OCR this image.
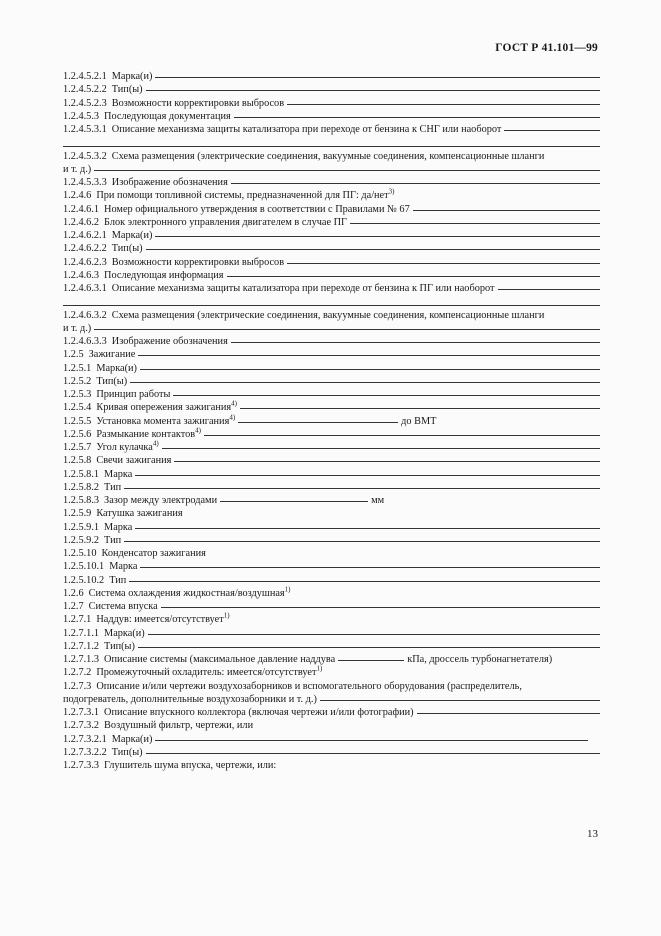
ГОСТ Р 41.101—99
1.2.4.5.2.1 Марка(и)
1.2.4.5.2.2 Тип(ы)
1.2.4.5.2.3 Возможности корректировки выбросов
1.2.4.5.3 Последующая документация
1.2.4.5.3.1 Описание механизма защиты катализатора при переходе от бензина к СНГ или наоборот
1.2.4.5.3.2 Схема размещения (электрические соединения, вакуумные соединения, компенсационные шланги
и т. д.)
1.2.4.5.3.3 Изображение обозначения
1.2.4.6 При помощи топливной системы, предназначенной для ПГ: да/нет$^{3)}$
1.2.4.6.1 Номер официального утверждения в соответствии с Правилами № 67
1.2.4.6.2 Блок электронного управления двигателем в случае ПГ
1.2.4.6.2.1 Марка(и)
1.2.4.6.2.2 Тип(ы)
1.2.4.6.2.3 Возможности корректировки выбросов
1.2.4.6.3 Последующая информация
1.2.4.6.3.1 Описание механизма защиты катализатора при переходе от бензина к ПГ или наоборот
1.2.4.6.3.2 Схема размещения (электрические соединения, вакуумные соединения, компенсационные шланги
и т. д.)
1.2.4.6.3.3 Изображение обозначения
1.2.5 Зажигание
1.2.5.1 Марка(и)
1.2.5.2 Тип(ы)
1.2.5.3 Принцип работы
1.2.5.4 Кривая опережения зажигания$^{4)}$
1.2.5.5 Установка момента зажигания$^{4)}$	до ВМТ
1.2.5.6 Размыкание контактов$^{4)}$
1.2.5.7 Угол кулачка$^{4)}$
1.2.5.8 Свечи зажигания
1.2.5.8.1 Марка
1.2.5.8.2 Тип
1.2.5.8.3 Зазор между электродами	мм
1.2.5.9 Катушка зажигания
1.2.5.9.1 Марка
1.2.5.9.2 Тип
1.2.5.10 Конденсатор зажигания
1.2.5.10.1 Марка
1.2.5.10.2 Тип
1.2.6 Система охлаждения жидкостная/воздушная$^{1)}$
1.2.7 Система впуска
1.2.7.1 Наддув: имеется/отсутствует$^{1)}$
1.2.7.1.1 Марка(и)
1.2.7.1.2 Тип(ы)
1.2.7.1.3 Описание системы (максимальное давление наддува	кПа, дроссель турбонагнетателя)
1.2.7.2 Промежуточный охладитель: имеется/отсутствует$^{1)}$
1.2.7.3 Описание и/или чертежи воздухозаборников и вспомогательного оборудования (распределитель,
подогреватель, дополнительные воздухозаборники и т. д.)
1.2.7.3.1 Описание впускного коллектора (включая чертежи и/или фотографии)
1.2.7.3.2 Воздушный фильтр, чертежи, или
1.2.7.3.2.1 Марка(и)
1.2.7.3.2.2 Тип(ы)
1.2.7.3.3 Глушитель шума впуска, чертежи, или:
13
